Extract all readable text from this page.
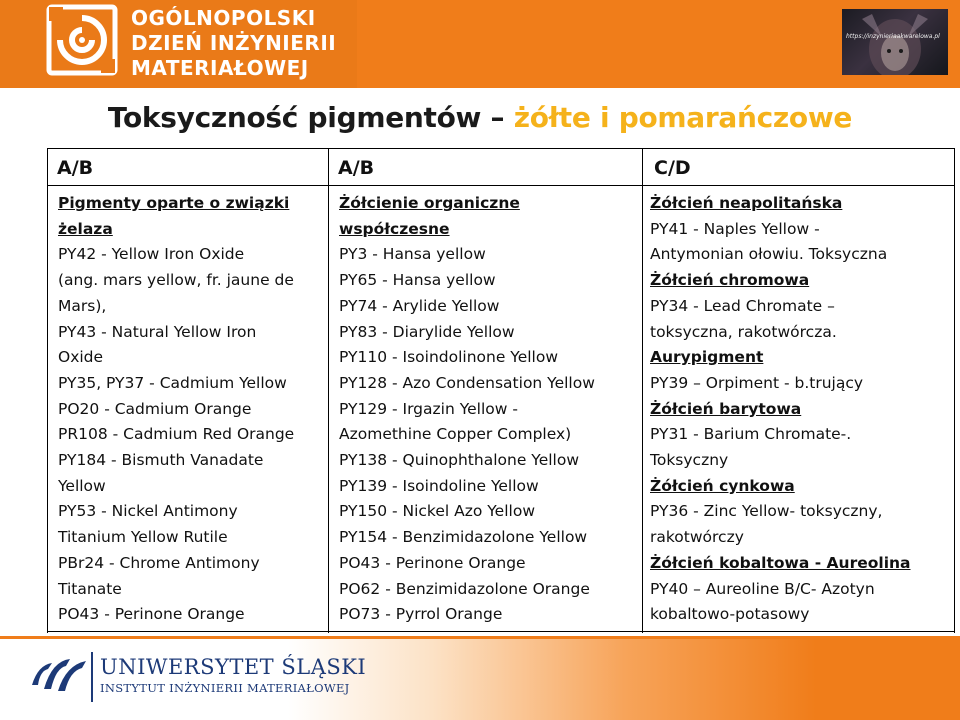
OGÓLNOPOLSKI
DZIEŃ INŻYNIERII
MATERIAŁOWEJ
https://inzynieriaakwarelowa.pl
Toksyczność pigmentów – żółte i pomarańczowe
A/B
Pigmenty oparte o związki
żelaza
PY42 - Yellow Iron Oxide
(ang. mars yellow, fr. jaune de
Mars),
PY43 - Natural Yellow Iron
Oxide
PY35, PY37 - Cadmium Yellow
PO20 - Cadmium Orange
PR108 - Cadmium Red Orange
PY184 - Bismuth Vanadate
Yellow
PY53 - Nickel Antimony
Titanium Yellow Rutile
PBr24 - Chrome Antimony
Titanate
PO43 - Perinone Orange
A/B
Żółcienie organiczne
współczesne
PY3 - Hansa yellow
PY65 - Hansa yellow
PY74 - Arylide Yellow
PY83 - Diarylide Yellow
PY110 - Isoindolinone Yellow
PY128 - Azo Condensation Yellow
PY129 - Irgazin Yellow -
Azomethine Copper Complex)
PY138 - Quinophthalone Yellow
PY139 - Isoindoline Yellow
PY150 - Nickel Azo Yellow
PY154 - Benzimidazolone Yellow
PO43 - Perinone Orange
PO62 - Benzimidazolone Orange
PO73 - Pyrrol Orange
C/D
Żółcień neapolitańska
PY41 - Naples Yellow -
Antymonian ołowiu. Toksyczna
Żółcień chromowa
PY34 - Lead Chromate –
toksyczna, rakotwórcza.
Aurypigment
PY39 – Orpiment - b.trujący
Żółcień barytowa
PY31 - Barium Chromate-.
Toksyczny
Żółcień cynkowa
PY36 - Zinc Yellow- toksyczny,
rakotwórczy
Żółcień kobaltowa - Aureolina
PY40 – Aureoline B/C- Azotyn
kobaltowo-potasowy
UNIWERSYTET ŚLĄSKI
INSTYTUT INŻYNIERII MATERIAŁOWEJ
